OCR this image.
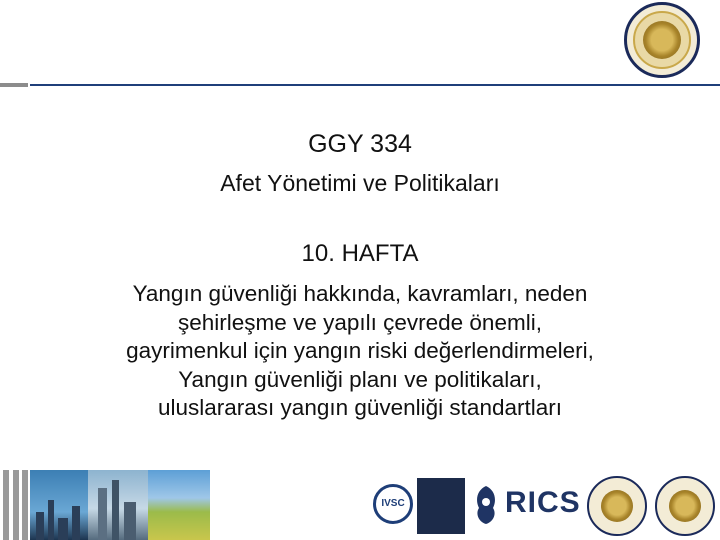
GGY 334
Afet Yönetimi ve Politikaları
10. HAFTA
Yangın güvenliği hakkında, kavramları, neden
şehirleşme ve yapılı çevrede önemli,
gayrimenkul için yangın riski değerlendirmeleri,
Yangın güvenliği planı ve politikaları,
uluslararası yangın güvenliği standartları
IVSC	RICS
